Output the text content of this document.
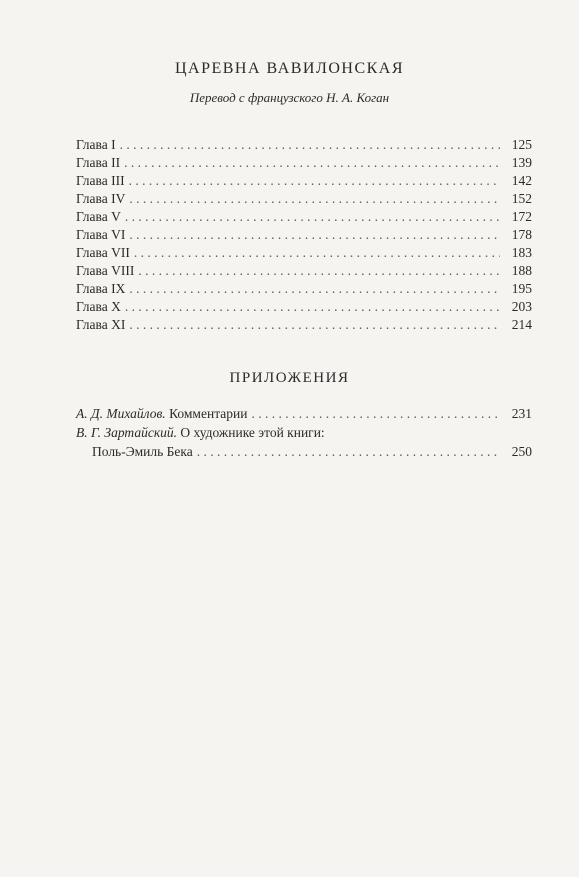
ЦАРЕВНА ВАВИЛОНСКАЯ
Перевод с французского Н. А. Коган
Глава I . . .	125
Глава II . . .	139
Глава III . . .	142
Глава IV . . .	152
Глава V . . .	172
Глава VI . . .	178
Глава VII . . .	183
Глава VIII . . .	188
Глава IX . . .	195
Глава X . . .	203
Глава XI . . .	214
ПРИЛОЖЕНИЯ
А. Д. Михайлов. Комментарии . . .	231
В. Г. Зартайский. О художнике этой книги:
Поль-Эмиль Бека . . .	250
